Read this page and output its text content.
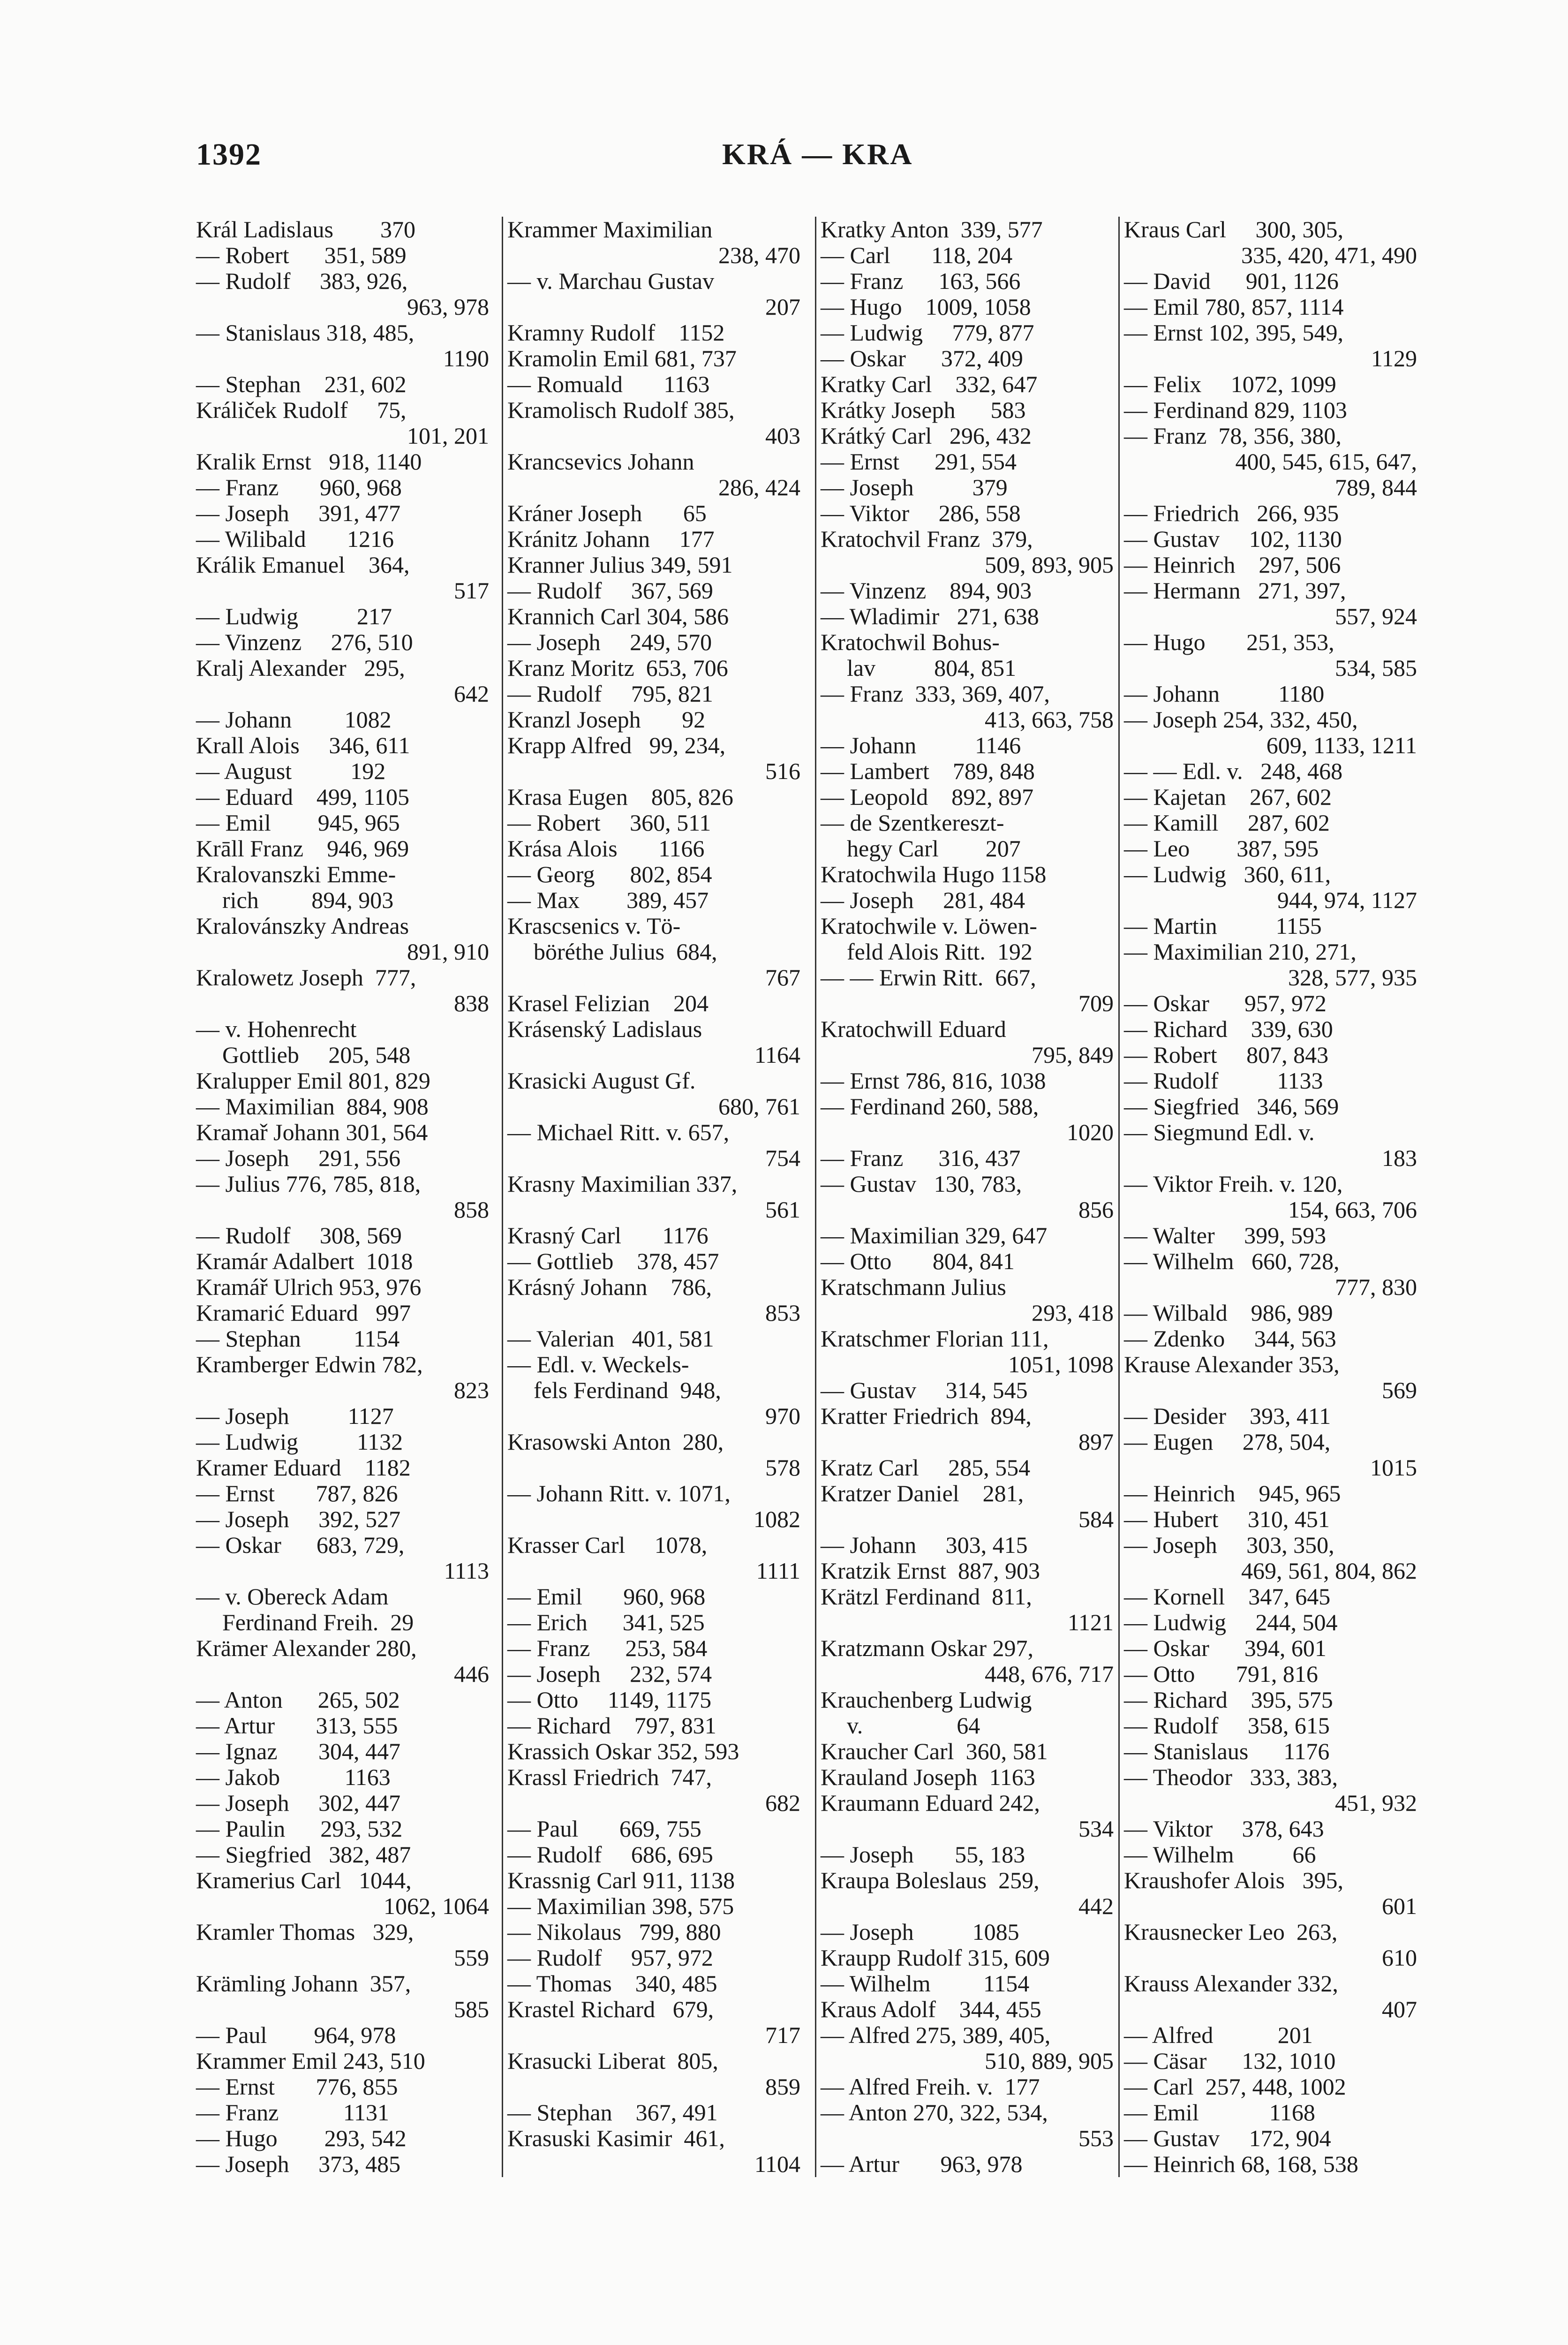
1392	KRÁ — KRA
Král Ladislaus        370
— Robert      351, 589
— Rudolf     383, 926,
963, 978
— Stanislaus 318, 485,
1190
— Stephan    231, 602
Králiček Rudolf     75,
101, 201
Kralik Ernst   918, 1140
— Franz       960, 968
— Joseph     391, 477
— Wilibald       1216
Králik Emanuel    364,
517
— Ludwig          217
— Vinzenz     276, 510
Kralj Alexander   295,
642
— Johann         1082
Krall Alois     346, 611
— August          192
— Eduard    499, 1105
— Emil        945, 965
Krāll Franz    946, 969
Kralovanszki Emme-
rich         894, 903
Kralovánszky Andreas
891, 910
Kralowetz Joseph  777,
838
— v. Hohenrecht
Gottlieb     205, 548
Kralupper Emil 801, 829
— Maximilian  884, 908
Kramař Johann 301, 564
— Joseph     291, 556
— Julius 776, 785, 818,
858
— Rudolf     308, 569
Kramár Adalbert  1018
Kramář Ulrich 953, 976
Kramarić Eduard   997
— Stephan         1154
Kramberger Edwin 782,
823
— Joseph          1127
— Ludwig          1132
Kramer Eduard    1182
— Ernst       787, 826
— Joseph     392, 527
— Oskar      683, 729,
1113
— v. Obereck Adam
Ferdinand Freih.  29
Krämer Alexander 280,
446
— Anton      265, 502
— Artur       313, 555
— Ignaz       304, 447
— Jakob           1163
— Joseph     302, 447
— Paulin      293, 532
— Siegfried   382, 487
Kramerius Carl   1044,
1062, 1064
Kramler Thomas   329,
559
Krämling Johann  357,
585
— Paul        964, 978
Krammer Emil 243, 510
— Ernst       776, 855
— Franz           1131
— Hugo        293, 542
— Joseph     373, 485
Krammer Maximilian
238, 470
— v. Marchau Gustav
207
Kramny Rudolf    1152
Kramolin Emil 681, 737
— Romuald       1163
Kramolisch Rudolf 385,
403
Krancsevics Johann
286, 424
Kráner Joseph       65
Kránitz Johann     177
Kranner Julius 349, 591
— Rudolf     367, 569
Krannich Carl 304, 586
— Joseph     249, 570
Kranz Moritz  653, 706
— Rudolf     795, 821
Kranzl Joseph       92
Krapp Alfred   99, 234,
516
Krasa Eugen    805, 826
— Robert     360, 511
Krása Alois       1166
— Georg      802, 854
— Max        389, 457
Krascsenics v. Tö-
böréthe Julius  684,
767
Krasel Felizian    204
Krásenský Ladislaus
1164
Krasicki August Gf.
680, 761
— Michael Ritt. v. 657,
754
Krasny Maximilian 337,
561
Krasný Carl       1176
— Gottlieb    378, 457
Krásný Johann    786,
853
— Valerian   401, 581
— Edl. v. Weckels-
fels Ferdinand  948,
970
Krasowski Anton  280,
578
— Johann Ritt. v. 1071,
1082
Krasser Carl     1078,
1111
— Emil       960, 968
— Erich      341, 525
— Franz      253, 584
— Joseph     232, 574
— Otto     1149, 1175
— Richard    797, 831
Krassich Oskar 352, 593
Krassl Friedrich  747,
682
— Paul       669, 755
— Rudolf     686, 695
Krassnig Carl 911, 1138
— Maximilian 398, 575
— Nikolaus   799, 880
— Rudolf     957, 972
— Thomas    340, 485
Krastel Richard   679,
717
Krasucki Liberat  805,
859
— Stephan    367, 491
Krasuski Kasimir  461,
1104
Kratky Anton  339, 577
— Carl       118, 204
— Franz      163, 566
— Hugo    1009, 1058
— Ludwig     779, 877
— Oskar      372, 409
Kratky Carl    332, 647
Krátky Joseph      583
Krátký Carl   296, 432
— Ernst      291, 554
— Joseph          379
— Viktor     286, 558
Kratochvil Franz  379,
509, 893, 905
— Vinzenz    894, 903
— Wladimir   271, 638
Kratochwil Bohus-
lav          804, 851
— Franz  333, 369, 407,
413, 663, 758
— Johann          1146
— Lambert    789, 848
— Leopold    892, 897
— de Szentkereszt-
hegy Carl        207
Kratochwila Hugo 1158
— Joseph     281, 484
Kratochwile v. Löwen-
feld Alois Ritt.  192
— — Erwin Ritt.  667,
709
Kratochwill Eduard
795, 849
— Ernst 786, 816, 1038
— Ferdinand 260, 588,
1020
— Franz      316, 437
— Gustav   130, 783,
856
— Maximilian 329, 647
— Otto       804, 841
Kratschmann Julius
293, 418
Kratschmer Florian 111,
1051, 1098
— Gustav     314, 545
Kratter Friedrich  894,
897
Kratz Carl     285, 554
Kratzer Daniel    281,
584
— Johann     303, 415
Kratzik Ernst  887, 903
Krätzl Ferdinand  811,
1121
Kratzmann Oskar 297,
448, 676, 717
Krauchenberg Ludwig
v.                64
Kraucher Carl  360, 581
Krauland Joseph  1163
Kraumann Eduard 242,
534
— Joseph       55, 183
Kraupa Boleslaus  259,
442
— Joseph          1085
Kraupp Rudolf 315, 609
— Wilhelm         1154
Kraus Adolf    344, 455
— Alfred 275, 389, 405,
510, 889, 905
— Alfred Freih. v.  177
— Anton 270, 322, 534,
553
— Artur       963, 978
Kraus Carl     300, 305,
335, 420, 471, 490
— David      901, 1126
— Emil 780, 857, 1114
— Ernst 102, 395, 549,
1129
— Felix     1072, 1099
— Ferdinand 829, 1103
— Franz  78, 356, 380,
400, 545, 615, 647,
789, 844
— Friedrich   266, 935
— Gustav     102, 1130
— Heinrich    297, 506
— Hermann   271, 397,
557, 924
— Hugo       251, 353,
534, 585
— Johann          1180
— Joseph 254, 332, 450,
609, 1133, 1211
— — Edl. v.   248, 468
— Kajetan    267, 602
— Kamill     287, 602
— Leo        387, 595
— Ludwig   360, 611,
944, 974, 1127
— Martin          1155
— Maximilian 210, 271,
328, 577, 935
— Oskar      957, 972
— Richard    339, 630
— Robert     807, 843
— Rudolf          1133
— Siegfried   346, 569
— Siegmund Edl. v.
183
— Viktor Freih. v. 120,
154, 663, 706
— Walter     399, 593
— Wilhelm   660, 728,
777, 830
— Wilbald    986, 989
— Zdenko     344, 563
Krause Alexander 353,
569
— Desider    393, 411
— Eugen     278, 504,
1015
— Heinrich    945, 965
— Hubert     310, 451
— Joseph     303, 350,
469, 561, 804, 862
— Kornell    347, 645
— Ludwig     244, 504
— Oskar      394, 601
— Otto       791, 816
— Richard    395, 575
— Rudolf     358, 615
— Stanislaus      1176
— Theodor   333, 383,
451, 932
— Viktor     378, 643
— Wilhelm          66
Kraushofer Alois   395,
601
Krausnecker Leo  263,
610
Krauss Alexander 332,
407
— Alfred           201
— Cäsar      132, 1010
— Carl  257, 448, 1002
— Emil            1168
— Gustav     172, 904
— Heinrich 68, 168, 538
